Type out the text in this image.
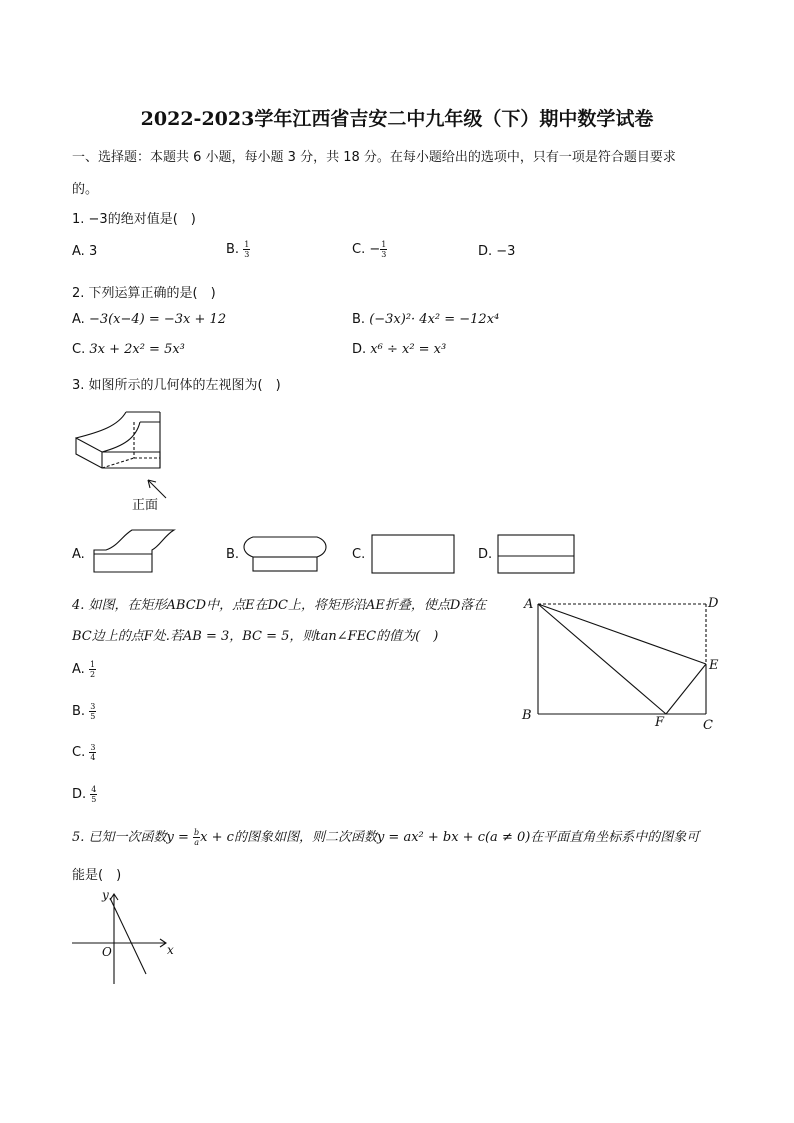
2022-2023学年江西省吉安二中九年级（下）期中数学试卷
一、选择题：本题共 6 小题，每小题 3 分，共 18 分。在每小题给出的选项中，只有一项是符合题目要求
的。
1. −3的绝对值是(　)
A. 3	B. $\frac{1}{3}$	C. − $\frac{1}{3}$	D. −3
2. 下列运算正确的是(　)
A. −3(x−4) = −3x + 12	B. (−3x)²· 4x² = −12x⁴
C. 3x + 2x² = 5x³	D. x⁶ ÷ x² = x³
3. 如图所示的几何体的左视图为(　)
正面
A.	B.	C.	D.
4. 如图，在矩形ABCD中，点E在DC上，将矩形沿AE折叠，使点D落在
BC边上的点F处.若AB = 3，BC = 5，则tan∠FEC的值为(　)
A. $\frac{1}{2}$
B. $\frac{3}{5}$
C. $\frac{3}{4}$
D. $\frac{4}{5}$
A	D
E
B	F	C
5. 已知一次函数$y = \frac{b}{a}$ x + c的图象如图，则二次函数y = ax² + bx + c(a ≠ 0)在平面直角坐标系中的图象可
能是(　)
x
y
O
